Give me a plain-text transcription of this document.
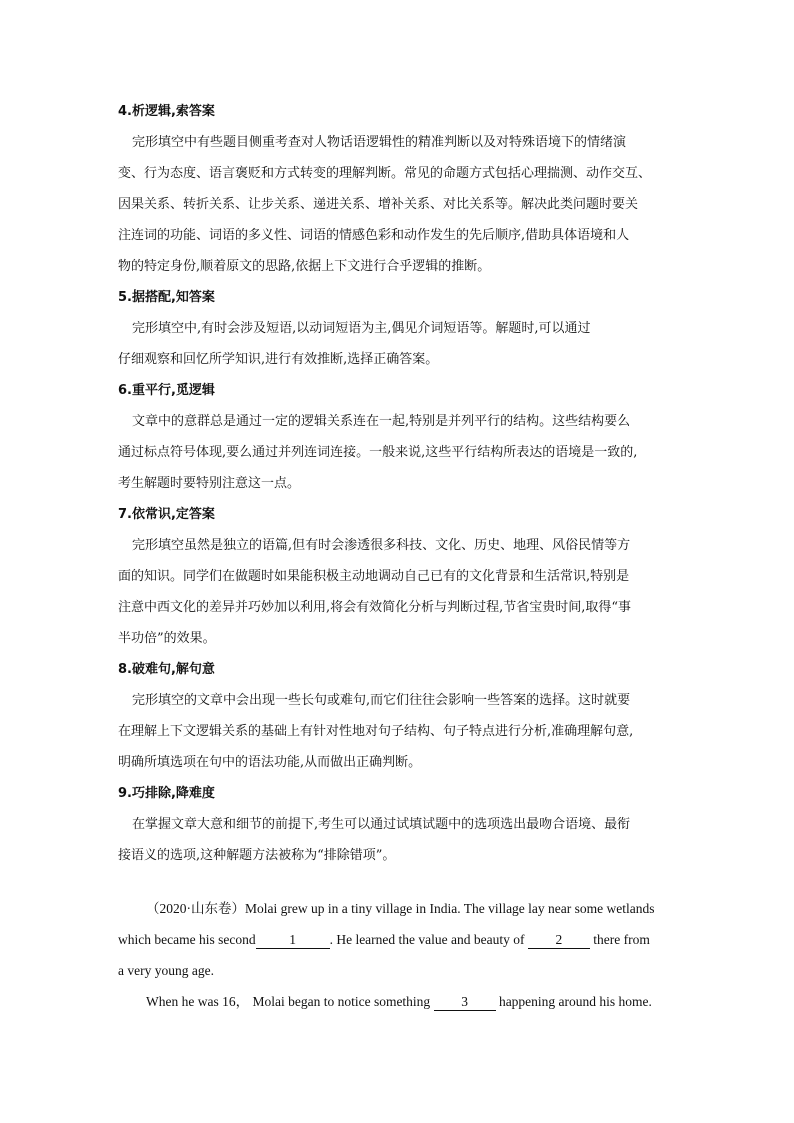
4.析逻辑,索答案

完形填空中有些题目侧重考查对人物话语逻辑性的精准判断以及对特殊语境下的情绪演
变、行为态度、语言褒贬和方式转变的理解判断。常见的命题方式包括心理揣测、动作交互、
因果关系、转折关系、让步关系、递进关系、增补关系、对比关系等。解决此类问题时要关
注连词的功能、词语的多义性、词语的情感色彩和动作发生的先后顺序,借助具体语境和人
物的特定身份,顺着原文的思路,依据上下文进行合乎逻辑的推断。

5.据搭配,知答案

完形填空中,有时会涉及短语,以动词短语为主,偶见介词短语等。解题时,可以通过
仔细观察和回忆所学知识,进行有效推断,选择正确答案。

6.重平行,觅逻辑

文章中的意群总是通过一定的逻辑关系连在一起,特别是并列平行的结构。这些结构要么
通过标点符号体现,要么通过并列连词连接。一般来说,这些平行结构所表达的语境是一致的,
考生解题时要特别注意这一点。

7.依常识,定答案

完形填空虽然是独立的语篇,但有时会渗透很多科技、文化、历史、地理、风俗民情等方
面的知识。同学们在做题时如果能积极主动地调动自己已有的文化背景和生活常识,特别是
注意中西文化的差异并巧妙加以利用,将会有效简化分析与判断过程,节省宝贵时间,取得“事
半功倍”的效果。

8.破难句,解句意

完形填空的文章中会出现一些长句或难句,而它们往往会影响一些答案的选择。这时就要
在理解上下文逻辑关系的基础上有针对性地对句子结构、句子特点进行分析,准确理解句意,
明确所填选项在句中的语法功能,从而做出正确判断。

9.巧排除,降难度

在掌握文章大意和细节的前提下,考生可以通过试填试题中的选项选出最吻合语境、最衔
接语义的选项,这种解题方法被称为“排除错项”。

（2020·山东卷）Molai grew up in a tiny village in India. The village lay near some wetlands

which became his second 1 . He learned the value and beauty of 2 there from

a very young age.

When he was 16， Molai began to notice something 3 happening around his home.
